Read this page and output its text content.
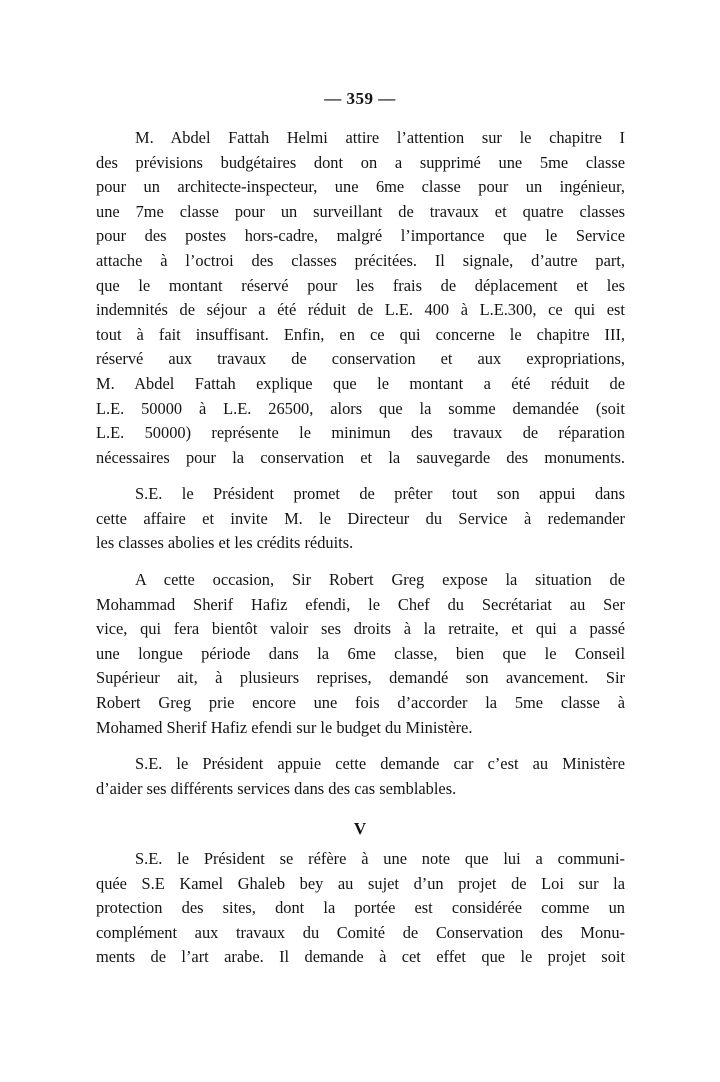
— 359 —
M. Abdel Fattah Helmi attire l’attention sur le chapitre I
des prévisions budgétaires dont on a supprimé une 5me classe
pour un architecte-inspecteur, une 6me classe pour un ingénieur,
une 7me classe pour un surveillant de travaux et quatre classes
pour des postes hors-cadre, malgré l’importance que le Service
attache à l’octroi des classes précitées. Il signale, d’autre part,
que le montant réservé pour les frais de déplacement et les
indemnités de séjour a été réduit de L.E. 400 à L.E.300, ce qui est
tout à fait insuffisant. Enfin, en ce qui concerne le chapitre III,
réservé aux travaux de conservation et aux expropriations,
M. Abdel Fattah explique que le montant a été réduit de
L.E. 50000 à L.E. 26500, alors que la somme demandée (soit
L.E. 50000) représente le minimun des travaux de réparation
nécessaires pour la conservation et la sauvegarde des monuments.
S.E. le Président promet de prêter tout son appui dans
cette affaire et invite M. le Directeur du Service à redemander
les classes abolies et les crédits réduits.
A cette occasion, Sir Robert Greg expose la situation de
Mohammad Sherif Hafiz efendi, le Chef du Secrétariat au Ser
vice, qui fera bientôt valoir ses droits à la retraite, et qui a passé
une longue période dans la 6me classe, bien que le Conseil
Supérieur ait, à plusieurs reprises, demandé son avancement. Sir
Robert Greg prie encore une fois d’accorder la 5me classe à
Mohamed Sherif Hafiz efendi sur le budget du Ministère.
S.E. le Président appuie cette demande car c’est au Ministère
d’aider ses différents services dans des cas semblables.
V
S.E. le Président se réfère à une note que lui a communi-
quée S.E Kamel Ghaleb bey au sujet d’un projet de Loi sur la
protection des sites, dont la portée est considérée comme un
complément aux travaux du Comité de Conservation des Monu-
ments de l’art arabe. Il demande à cet effet que le projet soit
